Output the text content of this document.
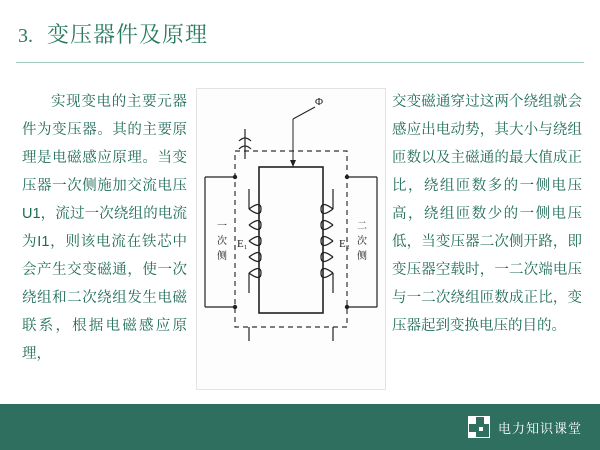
3. 变压器件及原理
实现变电的主要元器件为变压器。其的主要原理是电磁感应原理。当变压器一次侧施加交流电压U1，流过一次绕组的电流为I1，则该电流在铁芯中会产生交变磁通，使一次绕组和二次绕组发生电磁联系，根据电磁感应原理，
交变磁通穿过这两个绕组就会感应出电动势，其大小与绕组匝数以及主磁通的最大值成正比，绕组匝数多的一侧电压高，绕组匝数少的一侧电压低，当变压器二次侧开路，即变压器空载时，一二次端电压与一二次绕组匝数成正比，变压器起到变换电压的目的。
Φ
一
次
侧
二
次
侧
E₁	E₂
电力知识课堂
